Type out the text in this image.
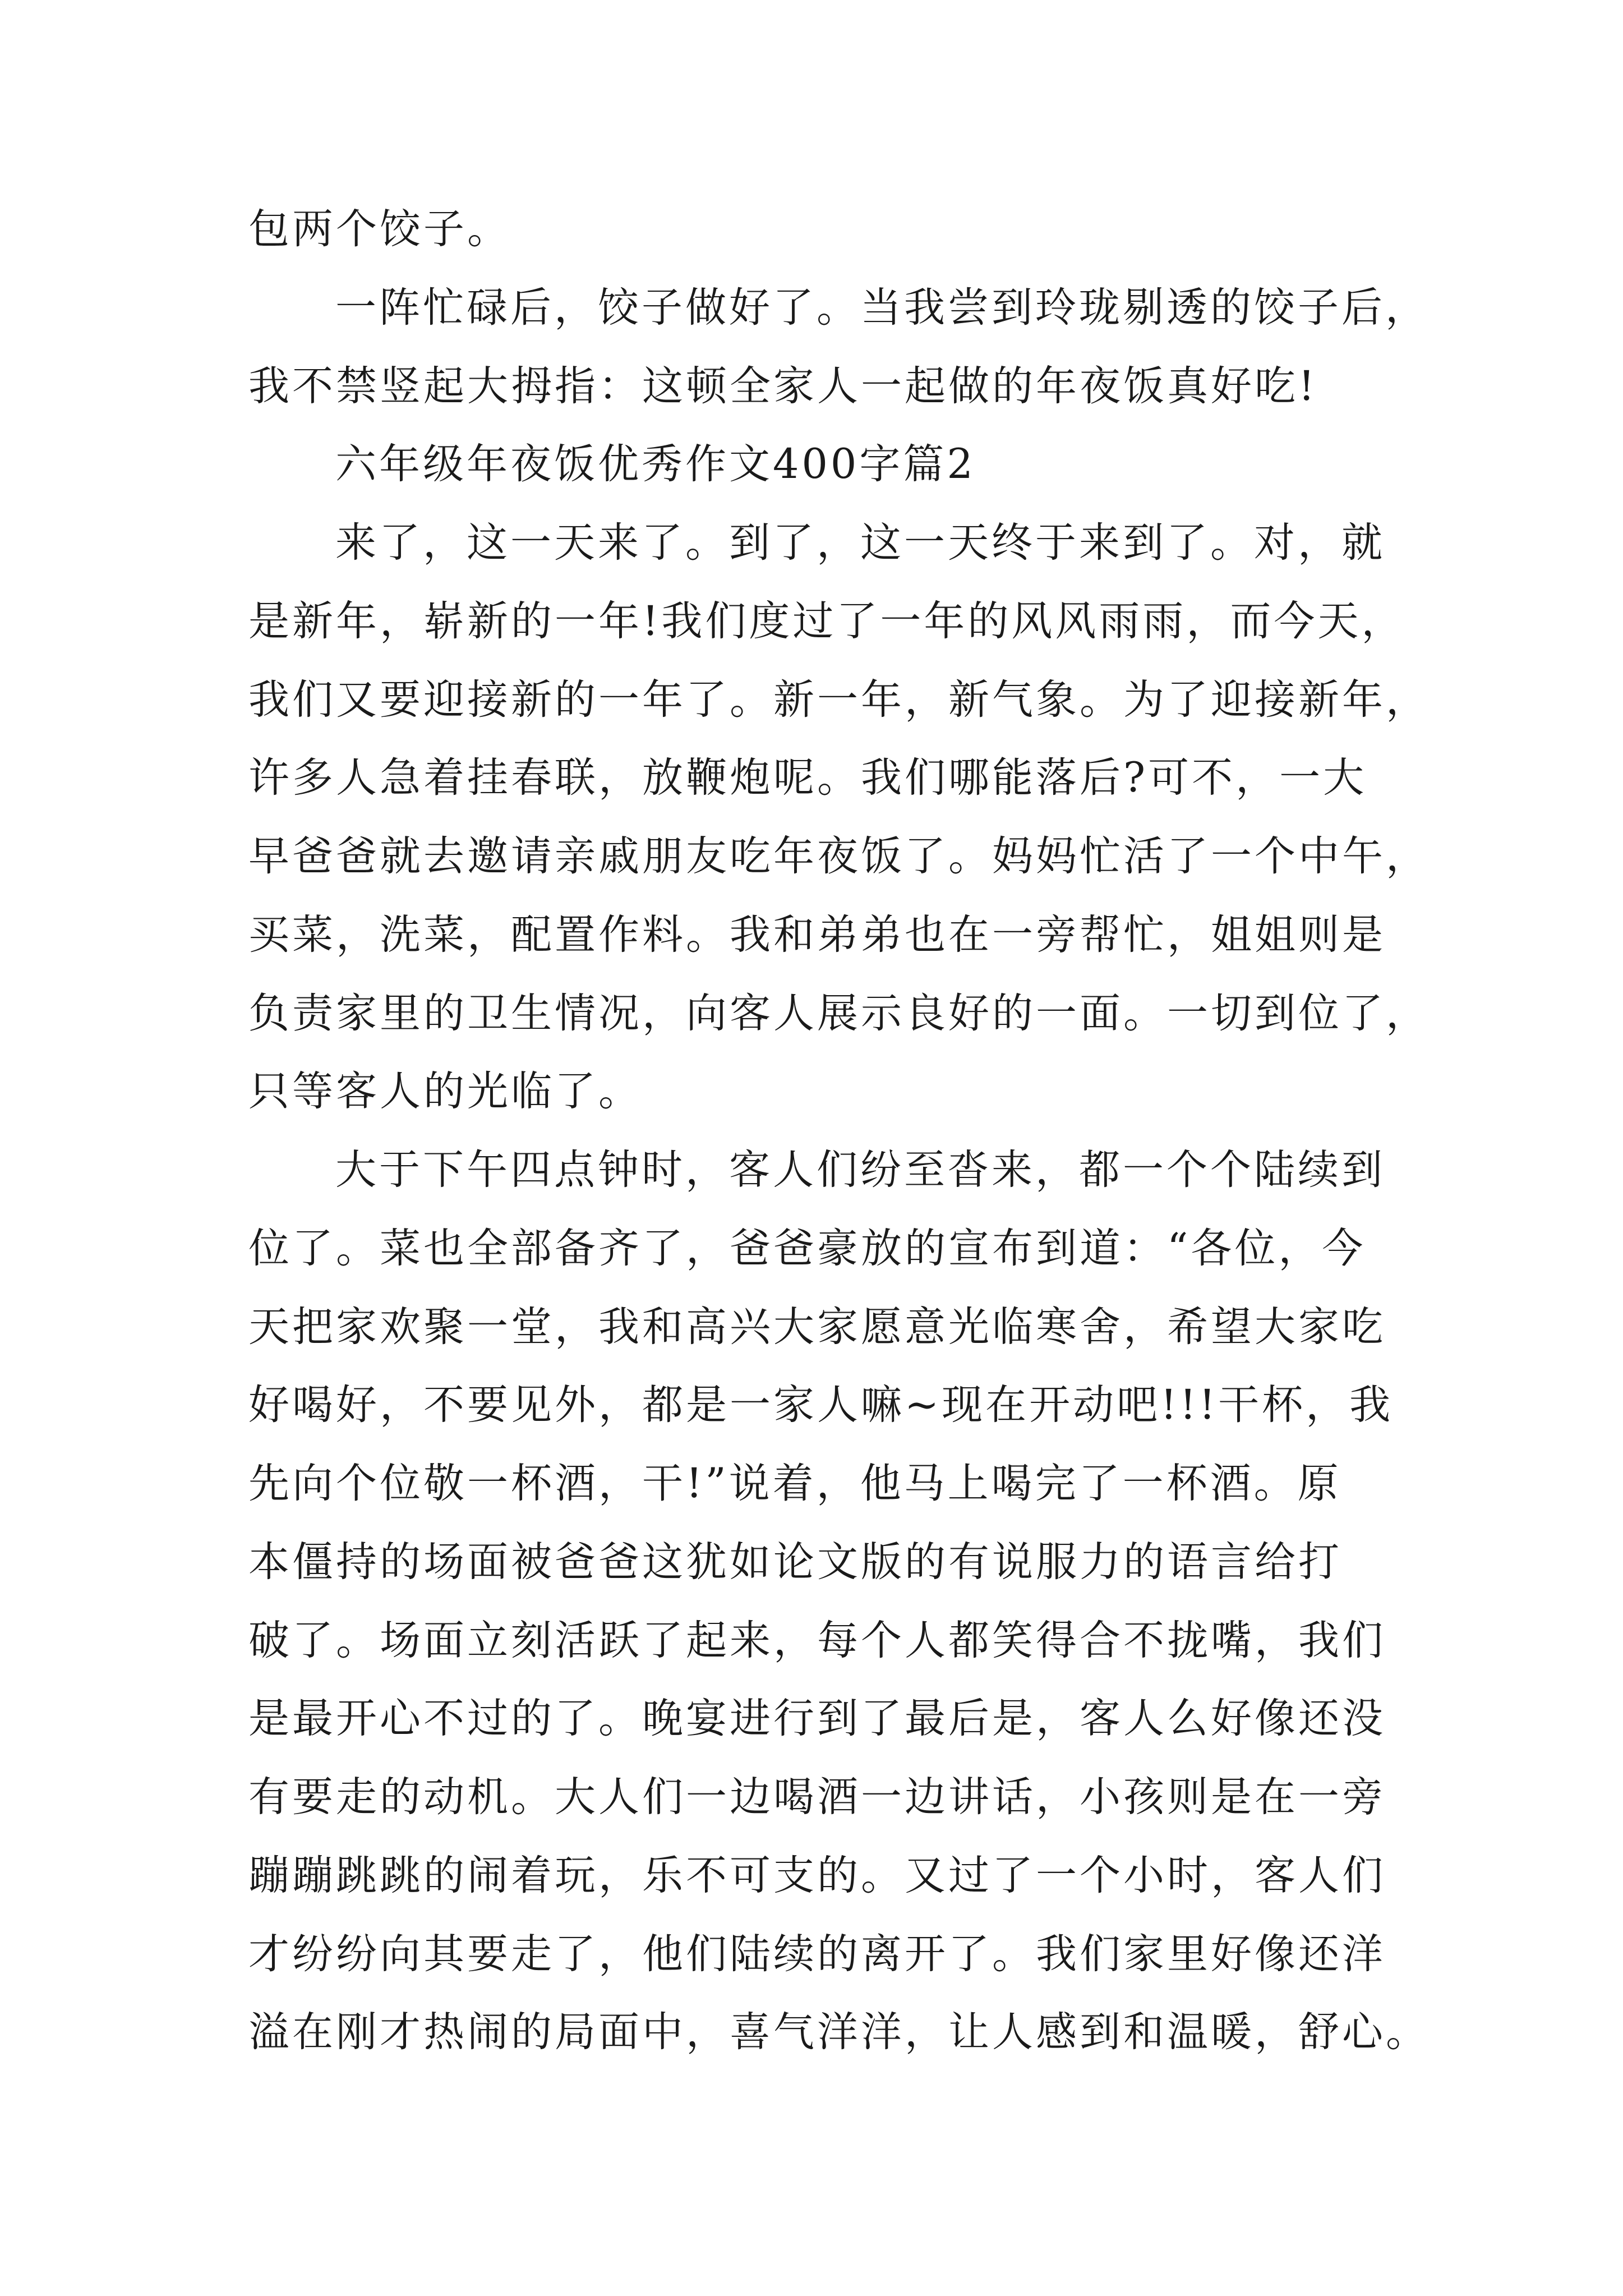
包两个饺子。
一阵忙碌后，饺子做好了。当我尝到玲珑剔透的饺子后，
我不禁竖起大拇指：这顿全家人一起做的年夜饭真好吃!
六年级年夜饭优秀作文400字篇2
来了，这一天来了。到了，这一天终于来到了。对，就
是新年，崭新的一年!我们度过了一年的风风雨雨，而今天，
我们又要迎接新的一年了。新一年，新气象。为了迎接新年，
许多人急着挂春联，放鞭炮呢。我们哪能落后?可不，一大
早爸爸就去邀请亲戚朋友吃年夜饭了。妈妈忙活了一个中午，
买菜，洗菜，配置作料。我和弟弟也在一旁帮忙，姐姐则是
负责家里的卫生情况，向客人展示良好的一面。一切到位了，
只等客人的光临了。
大于下午四点钟时，客人们纷至沓来，都一个个陆续到
位了。菜也全部备齐了，爸爸豪放的宣布到道：“各位，今
天把家欢聚一堂，我和高兴大家愿意光临寒舍，希望大家吃
好喝好，不要见外，都是一家人嘛~现在开动吧!!!干杯，我
先向个位敬一杯酒，干!”说着，他马上喝完了一杯酒。原
本僵持的场面被爸爸这犹如论文版的有说服力的语言给打
破了。场面立刻活跃了起来，每个人都笑得合不拢嘴，我们
是最开心不过的了。晚宴进行到了最后是，客人么好像还没
有要走的动机。大人们一边喝酒一边讲话，小孩则是在一旁
蹦蹦跳跳的闹着玩，乐不可支的。又过了一个小时，客人们
才纷纷向其要走了，他们陆续的离开了。我们家里好像还洋
溢在刚才热闹的局面中，喜气洋洋，让人感到和温暖，舒心。
